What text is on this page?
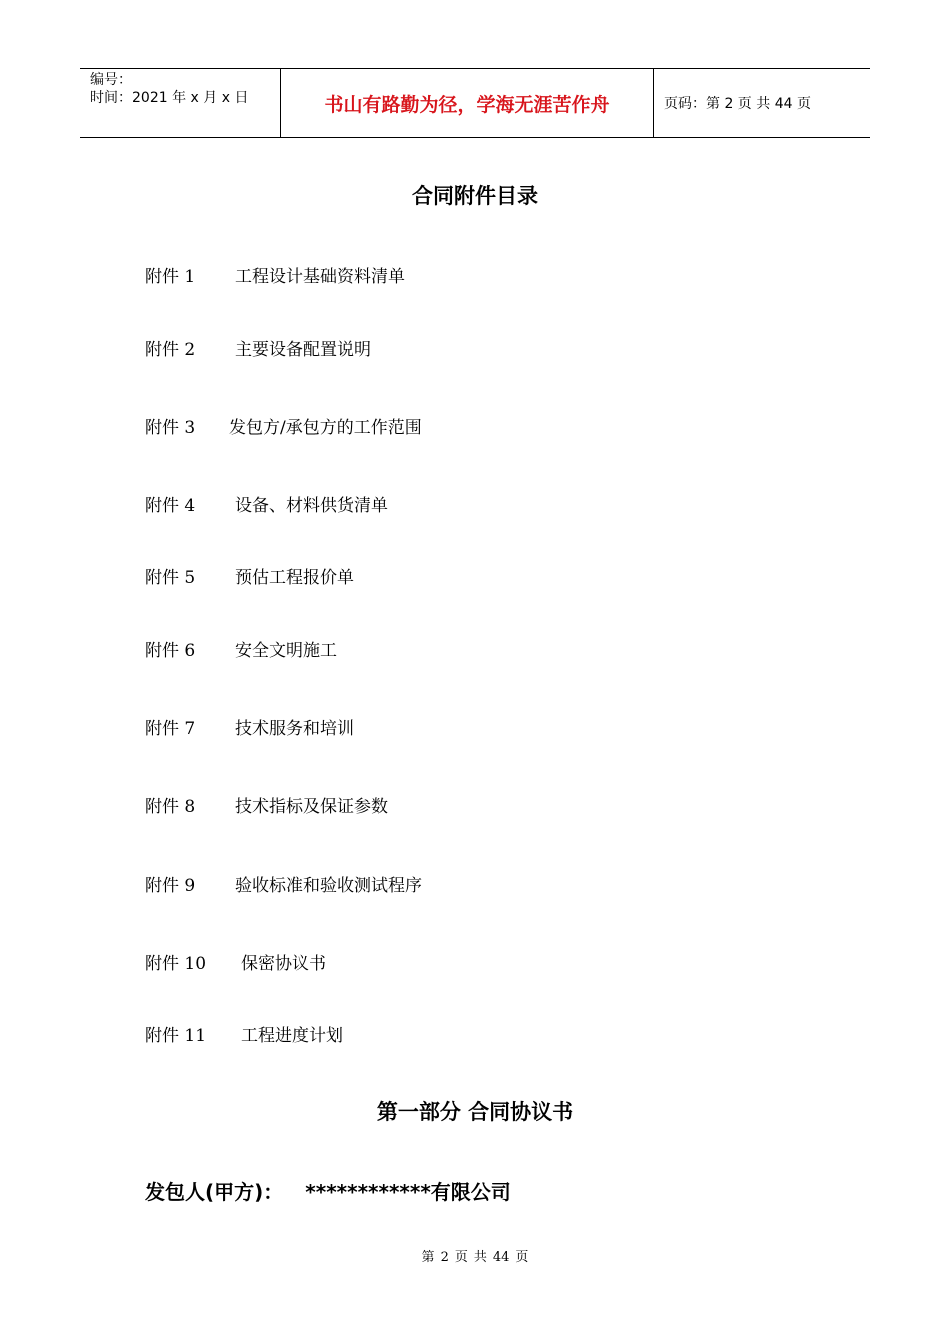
编号：
时间：2021 年 x 月 x 日	书山有路勤为径，学海无涯苦作舟	页码：第 2 页 共 44 页
合同附件目录
附件 1 工程设计基础资料清单
附件 2 主要设备配置说明
附件 3 发包方/承包方的工作范围
附件 4 设备、材料供货清单
附件 5 预估工程报价单
附件 6 安全文明施工
附件 7 技术服务和培训
附件 8 技术指标及保证参数
附件 9 验收标准和验收测试程序
附件 10 保密协议书
附件 11 工程进度计划
第一部分 合同协议书
发包人(甲方)： ************有限公司
第 2 页 共 44 页
